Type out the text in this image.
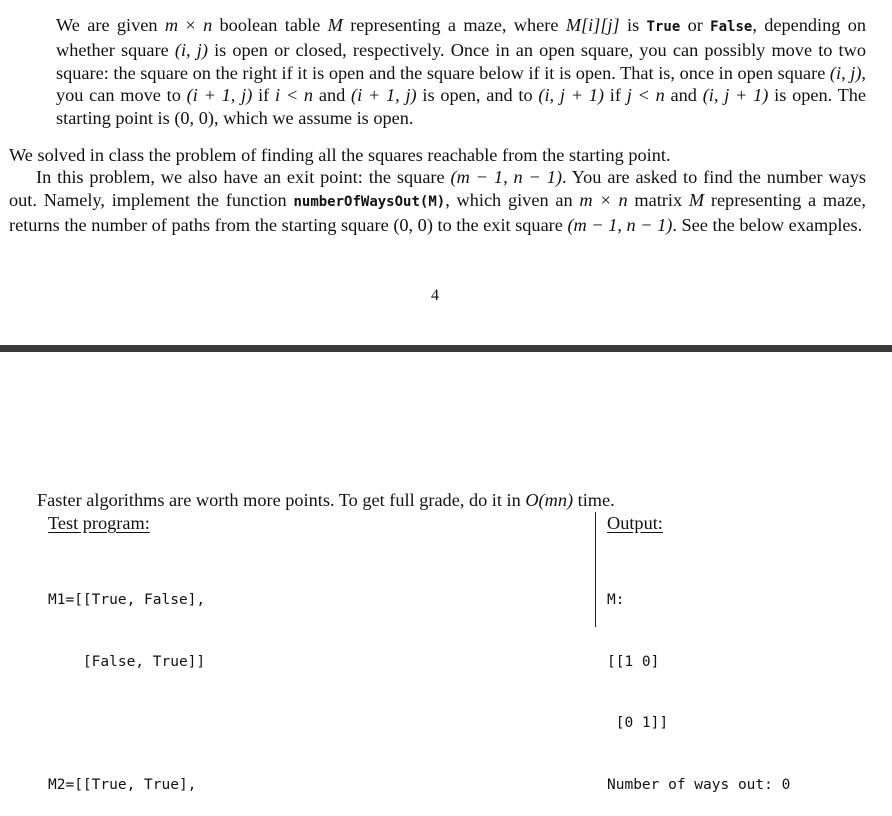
We are given m × n boolean table M representing a maze, where M[i][j] is True or False, depending on whether square (i, j) is open or closed, respectively. Once in an open square, you can possibly move to two square: the square on the right if it is open and the square below if it is open. That is, once in open square (i, j), you can move to (i + 1, j) if i < n and (i + 1, j) is open, and to (i, j + 1) if j < n and (i, j + 1) is open. The starting point is (0, 0), which we assume is open.

We solved in class the problem of finding all the squares reachable from the starting point.

In this problem, we also have an exit point: the square (m − 1, n − 1). You are asked to find the number ways out. Namely, implement the function numberOfWaysOut(M), which given an m × n matrix M representing a maze, returns the number of paths from the starting square (0, 0) to the exit square (m − 1, n − 1). See the below examples.

4
Faster algorithms are worth more points. To get full grade, do it in O(mn) time.
Test program:	Output:

M1=[[True, False],

[False, True]]

M2=[[True, True],

M:

[[1 0]

[0 1]]

Number of ways out: 0
